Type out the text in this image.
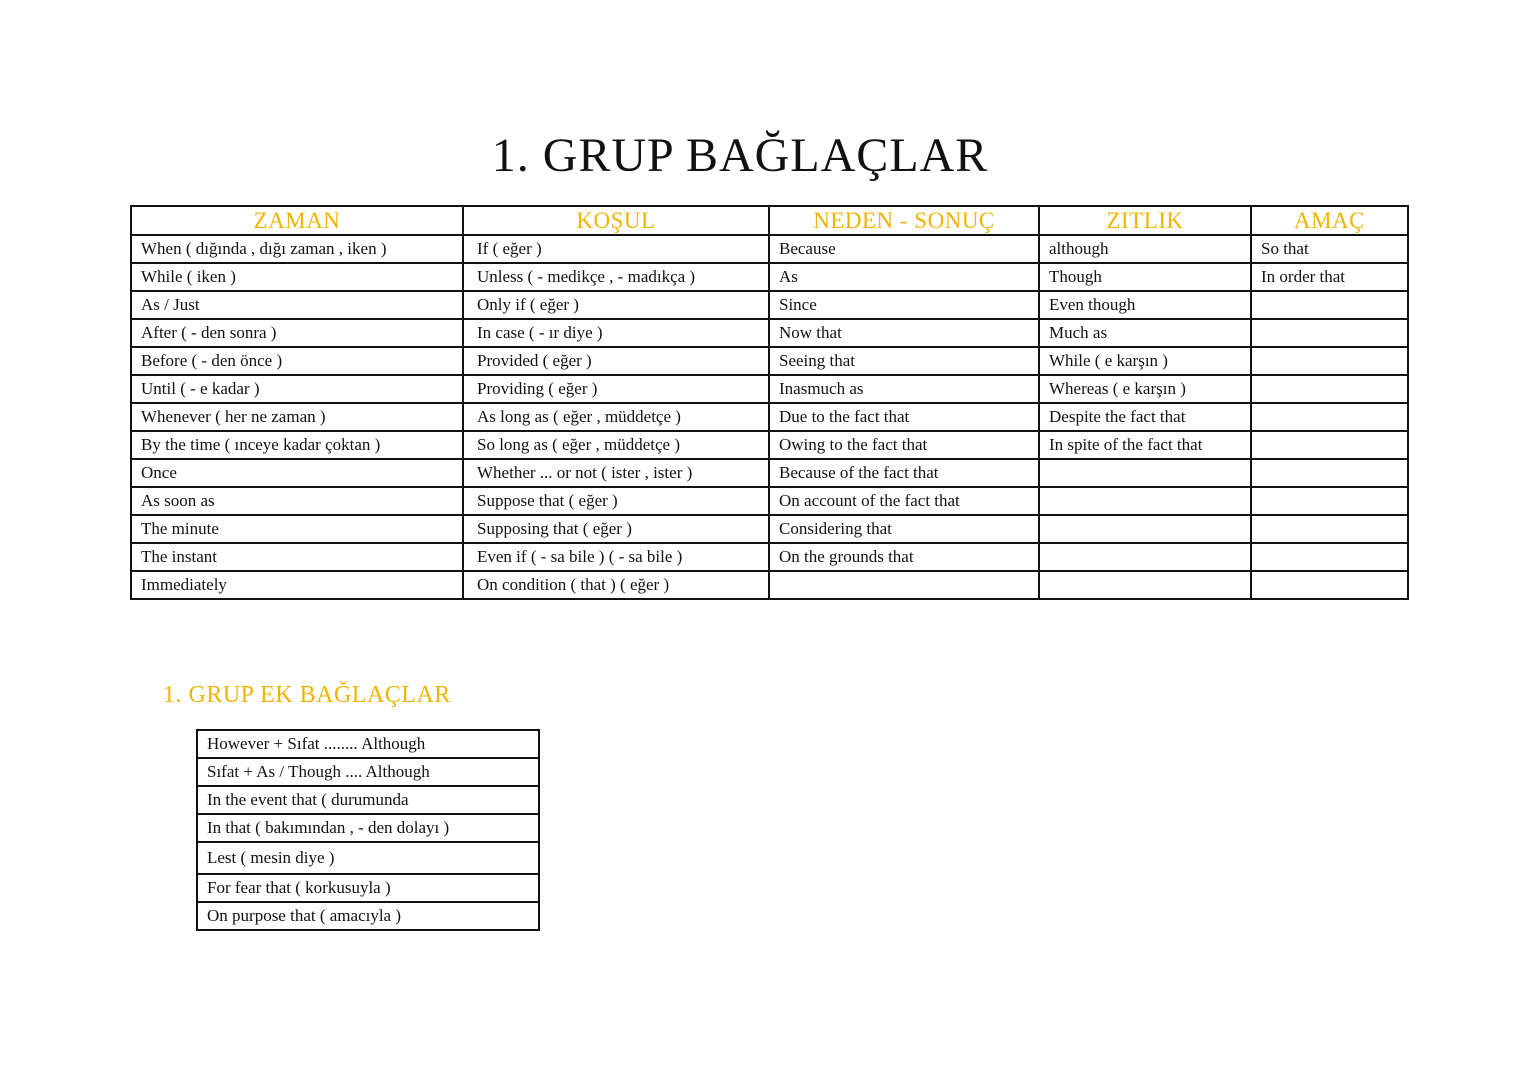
1. GRUP BAĞLAÇLAR
ZAMAN	KOŞUL	NEDEN - SONUÇ	ZITLIK	AMAÇ
When ( dığında , dığı zaman , iken )	If ( eğer )	Because	although	So that
While ( iken )	Unless ( - medikçe , - madıkça )	As	Though	In order that
As / Just	Only if ( eğer )	Since	Even though	
After ( - den sonra )	In case ( - ır diye )	Now that	Much as	
Before ( - den önce )	Provided ( eğer )	Seeing that	While ( e karşın )	
Until ( - e kadar )	Providing ( eğer )	Inasmuch as	Whereas ( e karşın )	
Whenever ( her ne zaman )	As long as ( eğer , müddetçe )	Due to the fact that	Despite the fact that	
By the time ( ınceye kadar çoktan )	So long as ( eğer , müddetçe )	Owing to the fact that	In spite of the fact that	
Once	Whether ... or not ( ister , ister )	Because of the fact that		
As soon as	Suppose that ( eğer )	On account of the fact that		
The minute	Supposing that ( eğer )	Considering that		
The instant	Even if ( - sa bile ) ( - sa bile )	On the grounds that		
Immediately	On condition ( that ) ( eğer )			
1. GRUP EK BAĞLAÇLAR
However + Sıfat ........ Although
Sıfat + As / Though .... Although
In the event that ( durumunda
In that ( bakımından , - den dolayı )
Lest ( mesin diye )
For fear that ( korkusuyla )
On purpose that ( amacıyla )
